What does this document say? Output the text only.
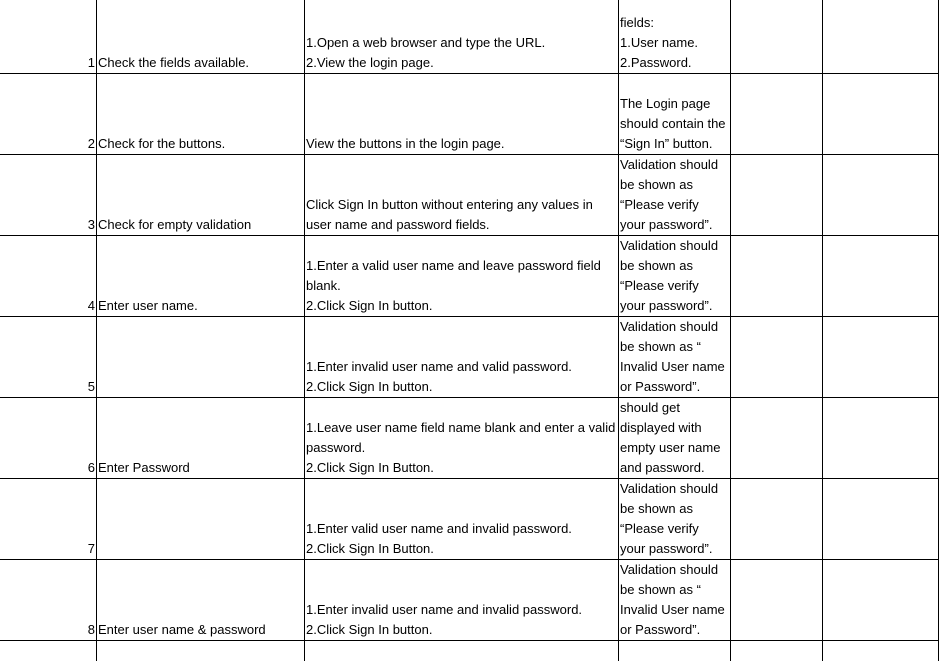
1 Check the fields available.
1.Open a web browser and type the URL.
2.View the login page.
fields:
1.User name.
2.Password.
2 Check for the buttons.	View the buttons in the login page.
The Login page
should contain the
“Sign In” button.
3 Check for empty validation
Click Sign In button without entering any values in
user name and password fields.
Validation should
be shown as
“Please verify
your password”.
4 Enter user name.
1.Enter a valid user name and leave password field
blank.
2.Click Sign In button.
Validation should
be shown as
“Please verify
your password”.
5
1.Enter invalid user name and valid password.
2.Click Sign In button.
Validation should
be shown as “
Invalid User name
or Password”.
6 Enter Password
1.Leave user name field name blank and enter a valid
password.
2.Click Sign In Button.
should get
displayed with
empty user name
and password.
7
1.Enter valid user name and invalid password.
2.Click Sign In Button.
Validation should
be shown as
“Please verify
your password”.
8 Enter user name & password
1.Enter invalid user name and invalid password.
2.Click Sign In button.
Validation should
be shown as “
Invalid User name
or Password”.
